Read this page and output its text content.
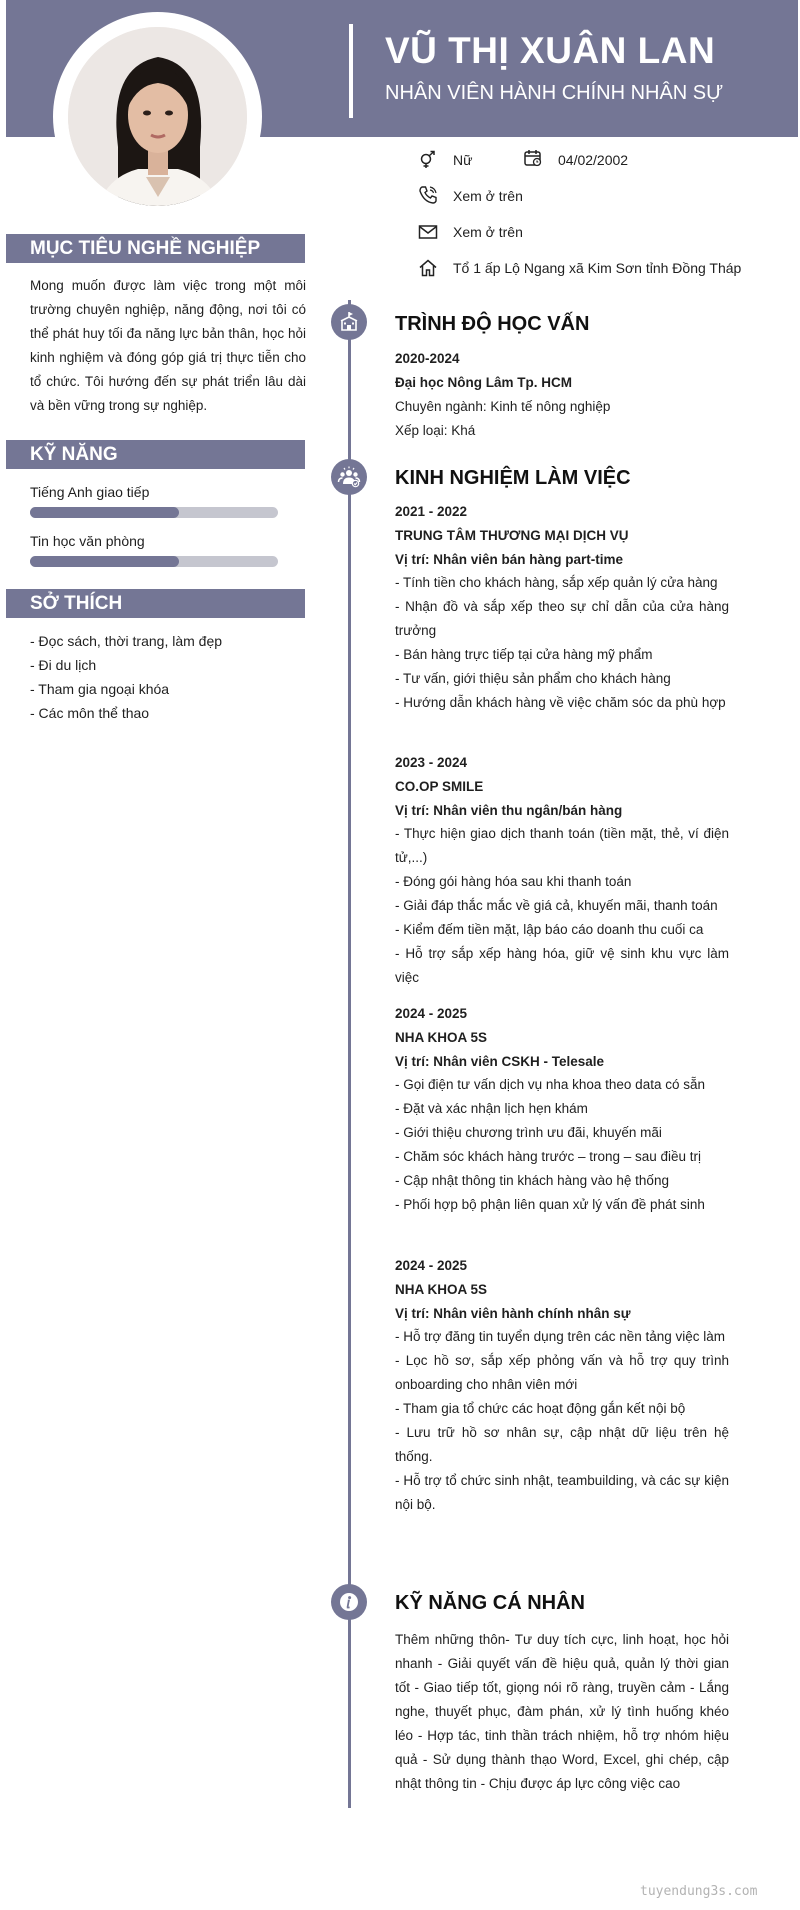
VŨ THỊ XUÂN LAN
NHÂN VIÊN HÀNH CHÍNH NHÂN SỰ
Nữ	04/02/2002
Xem ở trên
Xem ở trên
Tổ 1 ấp Lộ Ngang xã Kim Sơn tỉnh Đồng Tháp
MỤC TIÊU NGHỀ NGHIỆP
Mong muốn được làm việc trong một môi trường chuyên nghiệp, năng động, nơi tôi có thể phát huy tối đa năng lực bản thân, học hỏi kinh nghiệm và đóng góp giá trị thực tiễn cho tổ chức. Tôi hướng đến sự phát triển lâu dài và bền vững trong sự nghiệp.
KỸ NĂNG
Tiếng Anh giao tiếp
Tin học văn phòng
SỞ THÍCH
- Đọc sách, thời trang, làm đẹp
- Đi du lịch
- Tham gia ngoại khóa
- Các môn thể thao
TRÌNH ĐỘ HỌC VẤN
2020-2024
Đại học Nông Lâm Tp. HCM
Chuyên ngành: Kinh tế nông nghiệp
Xếp loại: Khá
KINH NGHIỆM LÀM VIỆC
2021 - 2022
TRUNG TÂM THƯƠNG MẠI DỊCH VỤ
Vị trí: Nhân viên bán hàng part-time

- Tính tiền cho khách hàng, sắp xếp quản lý cửa hàng

- Nhận đồ và sắp xếp theo sự chỉ dẫn của cửa hàng trưởng

- Bán hàng trực tiếp tại cửa hàng mỹ phẩm

- Tư vấn, giới thiệu sản phẩm cho khách hàng

- Hướng dẫn khách hàng về việc chăm sóc da phù hợp

2023 - 2024
CO.OP SMILE
Vị trí: Nhân viên thu ngân/bán hàng

- Thực hiện giao dịch thanh toán (tiền mặt, thẻ, ví điện tử,...)

- Đóng gói hàng hóa sau khi thanh toán

- Giải đáp thắc mắc về giá cả, khuyến mãi, thanh toán

- Kiểm đếm tiền mặt, lập báo cáo doanh thu cuối ca

- Hỗ trợ sắp xếp hàng hóa, giữ vệ sinh khu vực làm việc

2024 - 2025
NHA KHOA 5S
Vị trí: Nhân viên CSKH - Telesale

- Gọi điện tư vấn dịch vụ nha khoa theo data có sẵn

- Đặt và xác nhận lịch hẹn khám

- Giới thiệu chương trình ưu đãi, khuyến mãi

- Chăm sóc khách hàng trước – trong – sau điều trị

- Cập nhật thông tin khách hàng vào hệ thống

- Phối hợp bộ phận liên quan xử lý vấn đề phát sinh

2024 - 2025
NHA KHOA 5S
Vị trí: Nhân viên hành chính nhân sự

- Hỗ trợ đăng tin tuyển dụng trên các nền tảng việc làm

- Lọc hồ sơ, sắp xếp phỏng vấn và hỗ trợ quy trình onboarding cho nhân viên mới

- Tham gia tổ chức các hoạt động gắn kết nội bộ

- Lưu trữ hồ sơ nhân sự, cập nhật dữ liệu trên hệ thống.

- Hỗ trợ tổ chức sinh nhật, teambuilding, và các sự kiện nội bộ.

KỸ NĂNG CÁ NHÂN
Thêm những thôn- Tư duy tích cực, linh hoạt, học hỏi nhanh - Giải quyết vấn đề hiệu quả, quản lý thời gian tốt - Giao tiếp tốt, giọng nói rõ ràng, truyền cảm - Lắng nghe, thuyết phục, đàm phán, xử lý tình huống khéo léo - Hợp tác, tinh thần trách nhiệm, hỗ trợ nhóm hiệu quả - Sử dụng thành thạo Word, Excel, ghi chép, cập nhật thông tin - Chịu được áp lực công việc cao
tuyendung3s.com
